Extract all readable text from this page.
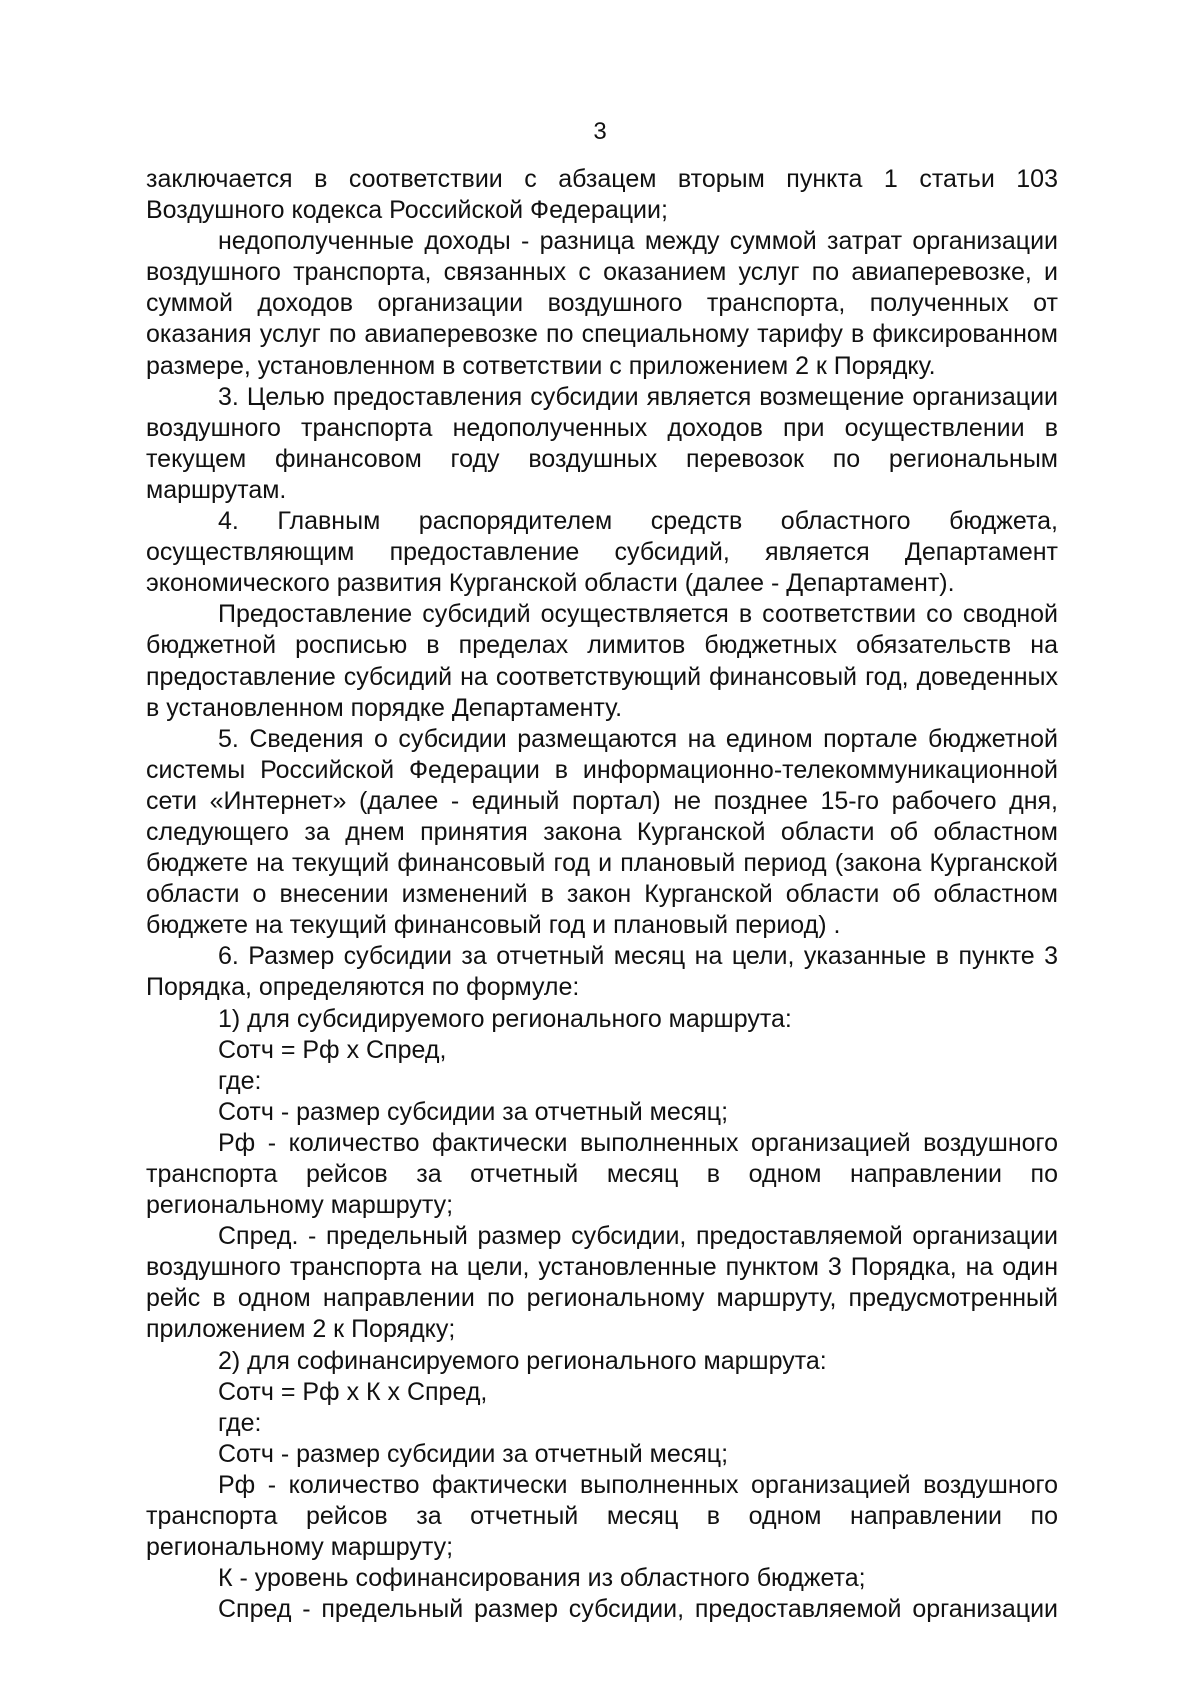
3

заключается в соответствии с абзацем вторым пункта 1 статьи 103 Воздушного кодекса Российской Федерации;

недополученные доходы - разница между суммой затрат организации воздушного транспорта, связанных с оказанием услуг по авиаперевозке, и суммой доходов организации воздушного транспорта, полученных от оказания услуг по авиаперевозке по специальному тарифу в фиксированном размере, установленном в сответствии с приложением 2 к Порядку.

3. Целью предоставления субсидии является возмещение организации воздушного транспорта недополученных доходов при осуществлении в текущем финансовом году воздушных перевозок по региональным маршрутам.

4. Главным распорядителем средств областного бюджета, осуществляющим предоставление субсидий, является Департамент экономического развития Курганской области (далее - Департамент).

Предоставление субсидий осуществляется в соответствии со сводной бюджетной росписью в пределах лимитов бюджетных обязательств на предоставление субсидий на соответствующий финансовый год, доведенных в установленном порядке Департаменту.

5. Сведения о субсидии размещаются на едином портале бюджетной системы Российской Федерации в информационно-телекоммуникационной сети «Интернет» (далее - единый портал) не позднее 15-го рабочего дня, следующего за днем принятия закона Курганской области об областном бюджете на текущий финансовый год и плановый период (закона Курганской области о внесении изменений в закон Курганской области об областном бюджете на текущий финансовый год и плановый период) .

6. Размер субсидии за отчетный месяц на цели, указанные в пункте 3 Порядка, определяются по формуле:

1) для субсидируемого регионального маршрута:

Сотч = Рф х Спред,

где:

Сотч - размер субсидии за отчетный месяц;

Рф - количество фактически выполненных организацией воздушного транспорта рейсов за отчетный месяц в одном направлении по региональному маршруту;

Спред. - предельный размер субсидии, предоставляемой организации воздушного транспорта на цели, установленные пунктом 3 Порядка, на один рейс в одном направлении по региональному маршруту, предусмотренный приложением 2 к Порядку;

2) для софинансируемого регионального маршрута:

Сотч = Рф х К х Спред,

где:

Сотч - размер субсидии за отчетный месяц;

Рф - количество фактически выполненных организацией воздушного транспорта рейсов за отчетный месяц в одном направлении по региональному маршруту;

К - уровень софинансирования из областного бюджета;

Спред - предельный размер субсидии, предоставляемой организации
